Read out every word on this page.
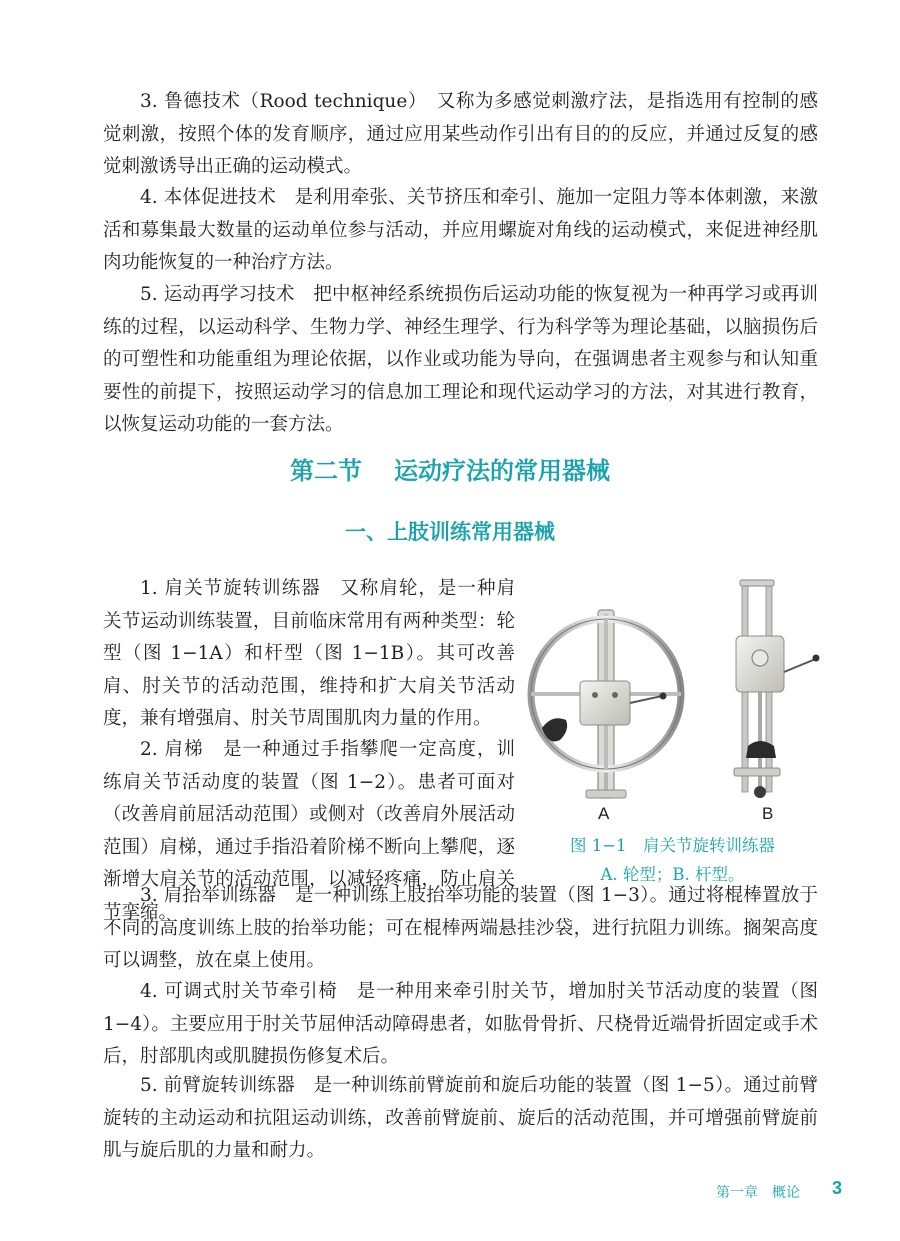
3. 鲁德技术（Rood technique）　又称为多感觉刺激疗法，是指选用有控制的感觉刺激，按照个体的发育顺序，通过应用某些动作引出有目的的反应，并通过反复的感觉刺激诱导出正确的运动模式。

4. 本体促进技术　是利用牵张、关节挤压和牵引、施加一定阻力等本体刺激，来激活和募集最大数量的运动单位参与活动，并应用螺旋对角线的运动模式，来促进神经肌肉功能恢复的一种治疗方法。

5. 运动再学习技术　把中枢神经系统损伤后运动功能的恢复视为一种再学习或再训练的过程，以运动科学、生物力学、神经生理学、行为科学等为理论基础，以脑损伤后的可塑性和功能重组为理论依据，以作业或功能为导向，在强调患者主观参与和认知重要性的前提下，按照运动学习的信息加工理论和现代运动学习的方法，对其进行教育，以恢复运动功能的一套方法。

第二节 运动疗法的常用器械
一、上肢训练常用器械

1. 肩关节旋转训练器　又称肩轮，是一种肩关节运动训练装置，目前临床常用有两种类型：轮型（图 1−1A）和杆型（图 1−1B）。其可改善肩、肘关节的活动范围，维持和扩大肩关节活动度，兼有增强肩、肘关节周围肌肉力量的作用。

2. 肩梯　是一种通过手指攀爬一定高度，训练肩关节活动度的装置（图 1−2）。患者可面对（改善肩前屈活动范围）或侧对（改善肩外展活动范围）肩梯，通过手指沿着阶梯不断向上攀爬，逐渐增大肩关节的活动范围，以减轻疼痛，防止肩关节挛缩。

3. 肩抬举训练器　是一种训练上肢抬举功能的装置（图 1−3）。通过将棍棒置放于不同的高度训练上肢的抬举功能；可在棍棒两端悬挂沙袋，进行抗阻力训练。搁架高度可以调整，放在桌上使用。

4. 可调式肘关节牵引椅　是一种用来牵引肘关节，增加肘关节活动度的装置（图 1−4）。主要应用于肘关节屈伸活动障碍患者，如肱骨骨折、尺桡骨近端骨折固定或手术后，肘部肌肉或肌腱损伤修复术后。

5. 前臂旋转训练器　是一种训练前臂旋前和旋后功能的装置（图 1−5）。通过前臂旋转的主动运动和抗阻运动训练，改善前臂旋前、旋后的活动范围，并可增强前臂旋前肌与旋后肌的力量和耐力。

A	B
图 1−1　肩关节旋转训练器
A. 轮型；B. 杆型。
第一章　概论 3
